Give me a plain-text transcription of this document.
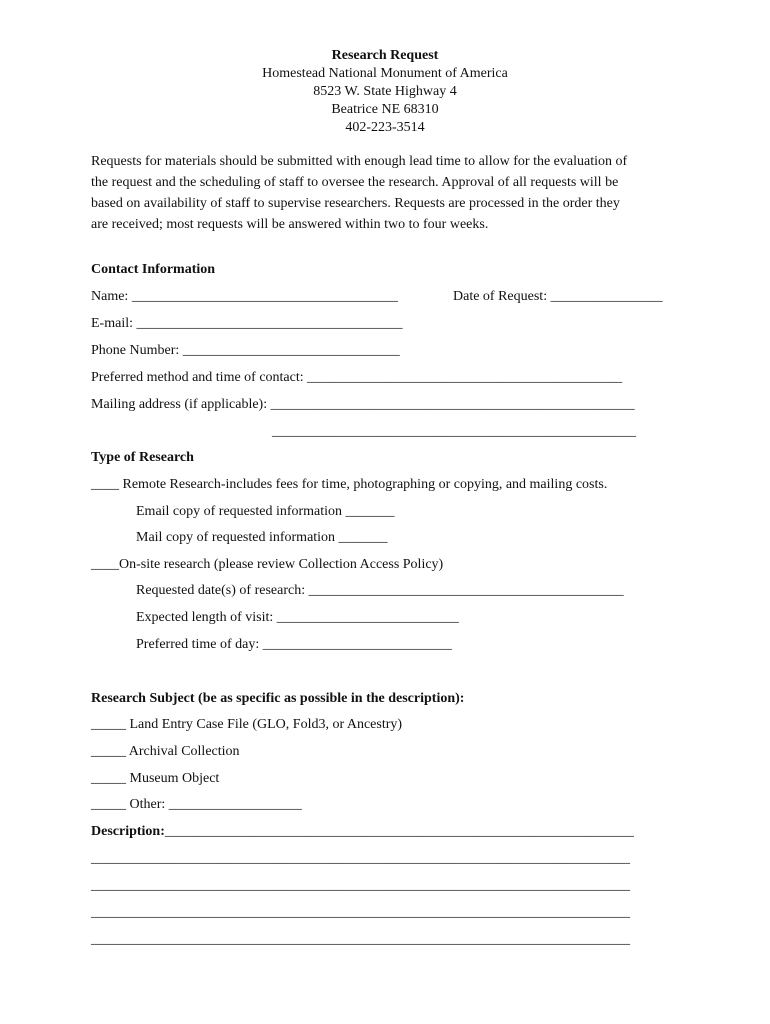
Research Request
Homestead National Monument of America
8523 W. State Highway 4
Beatrice NE 68310
402-223-3514

Requests for materials should be submitted with enough lead time to allow for the evaluation of

the request and the scheduling of staff to oversee the research. Approval of all requests will be

based on availability of staff to supervise researchers. Requests are processed in the order they

are received; most requests will be answered within two to four weeks.

Contact Information
Name: ______________________________________	Date of Request: ________________
E-mail: ______________________________________
Phone Number: _______________________________
Preferred method and time of contact: _____________________________________________
Mailing address (if applicable): ____________________________________________________
____________________________________________________
Type of Research
____ Remote Research-includes fees for time, photographing or copying, and mailing costs.
Email copy of requested information _______
Mail copy of requested information _______
____On-site research (please review Collection Access Policy)
Requested date(s) of research: _____________________________________________
Expected length of visit: __________________________
Preferred time of day: ___________________________
Research Subject (be as specific as possible in the description):
_____ Land Entry Case File (GLO, Fold3, or Ancestry)
_____ Archival Collection
_____ Museum Object
_____ Other: ___________________
Description:___________________________________________________________________
_____________________________________________________________________________
_____________________________________________________________________________
_____________________________________________________________________________
_____________________________________________________________________________
